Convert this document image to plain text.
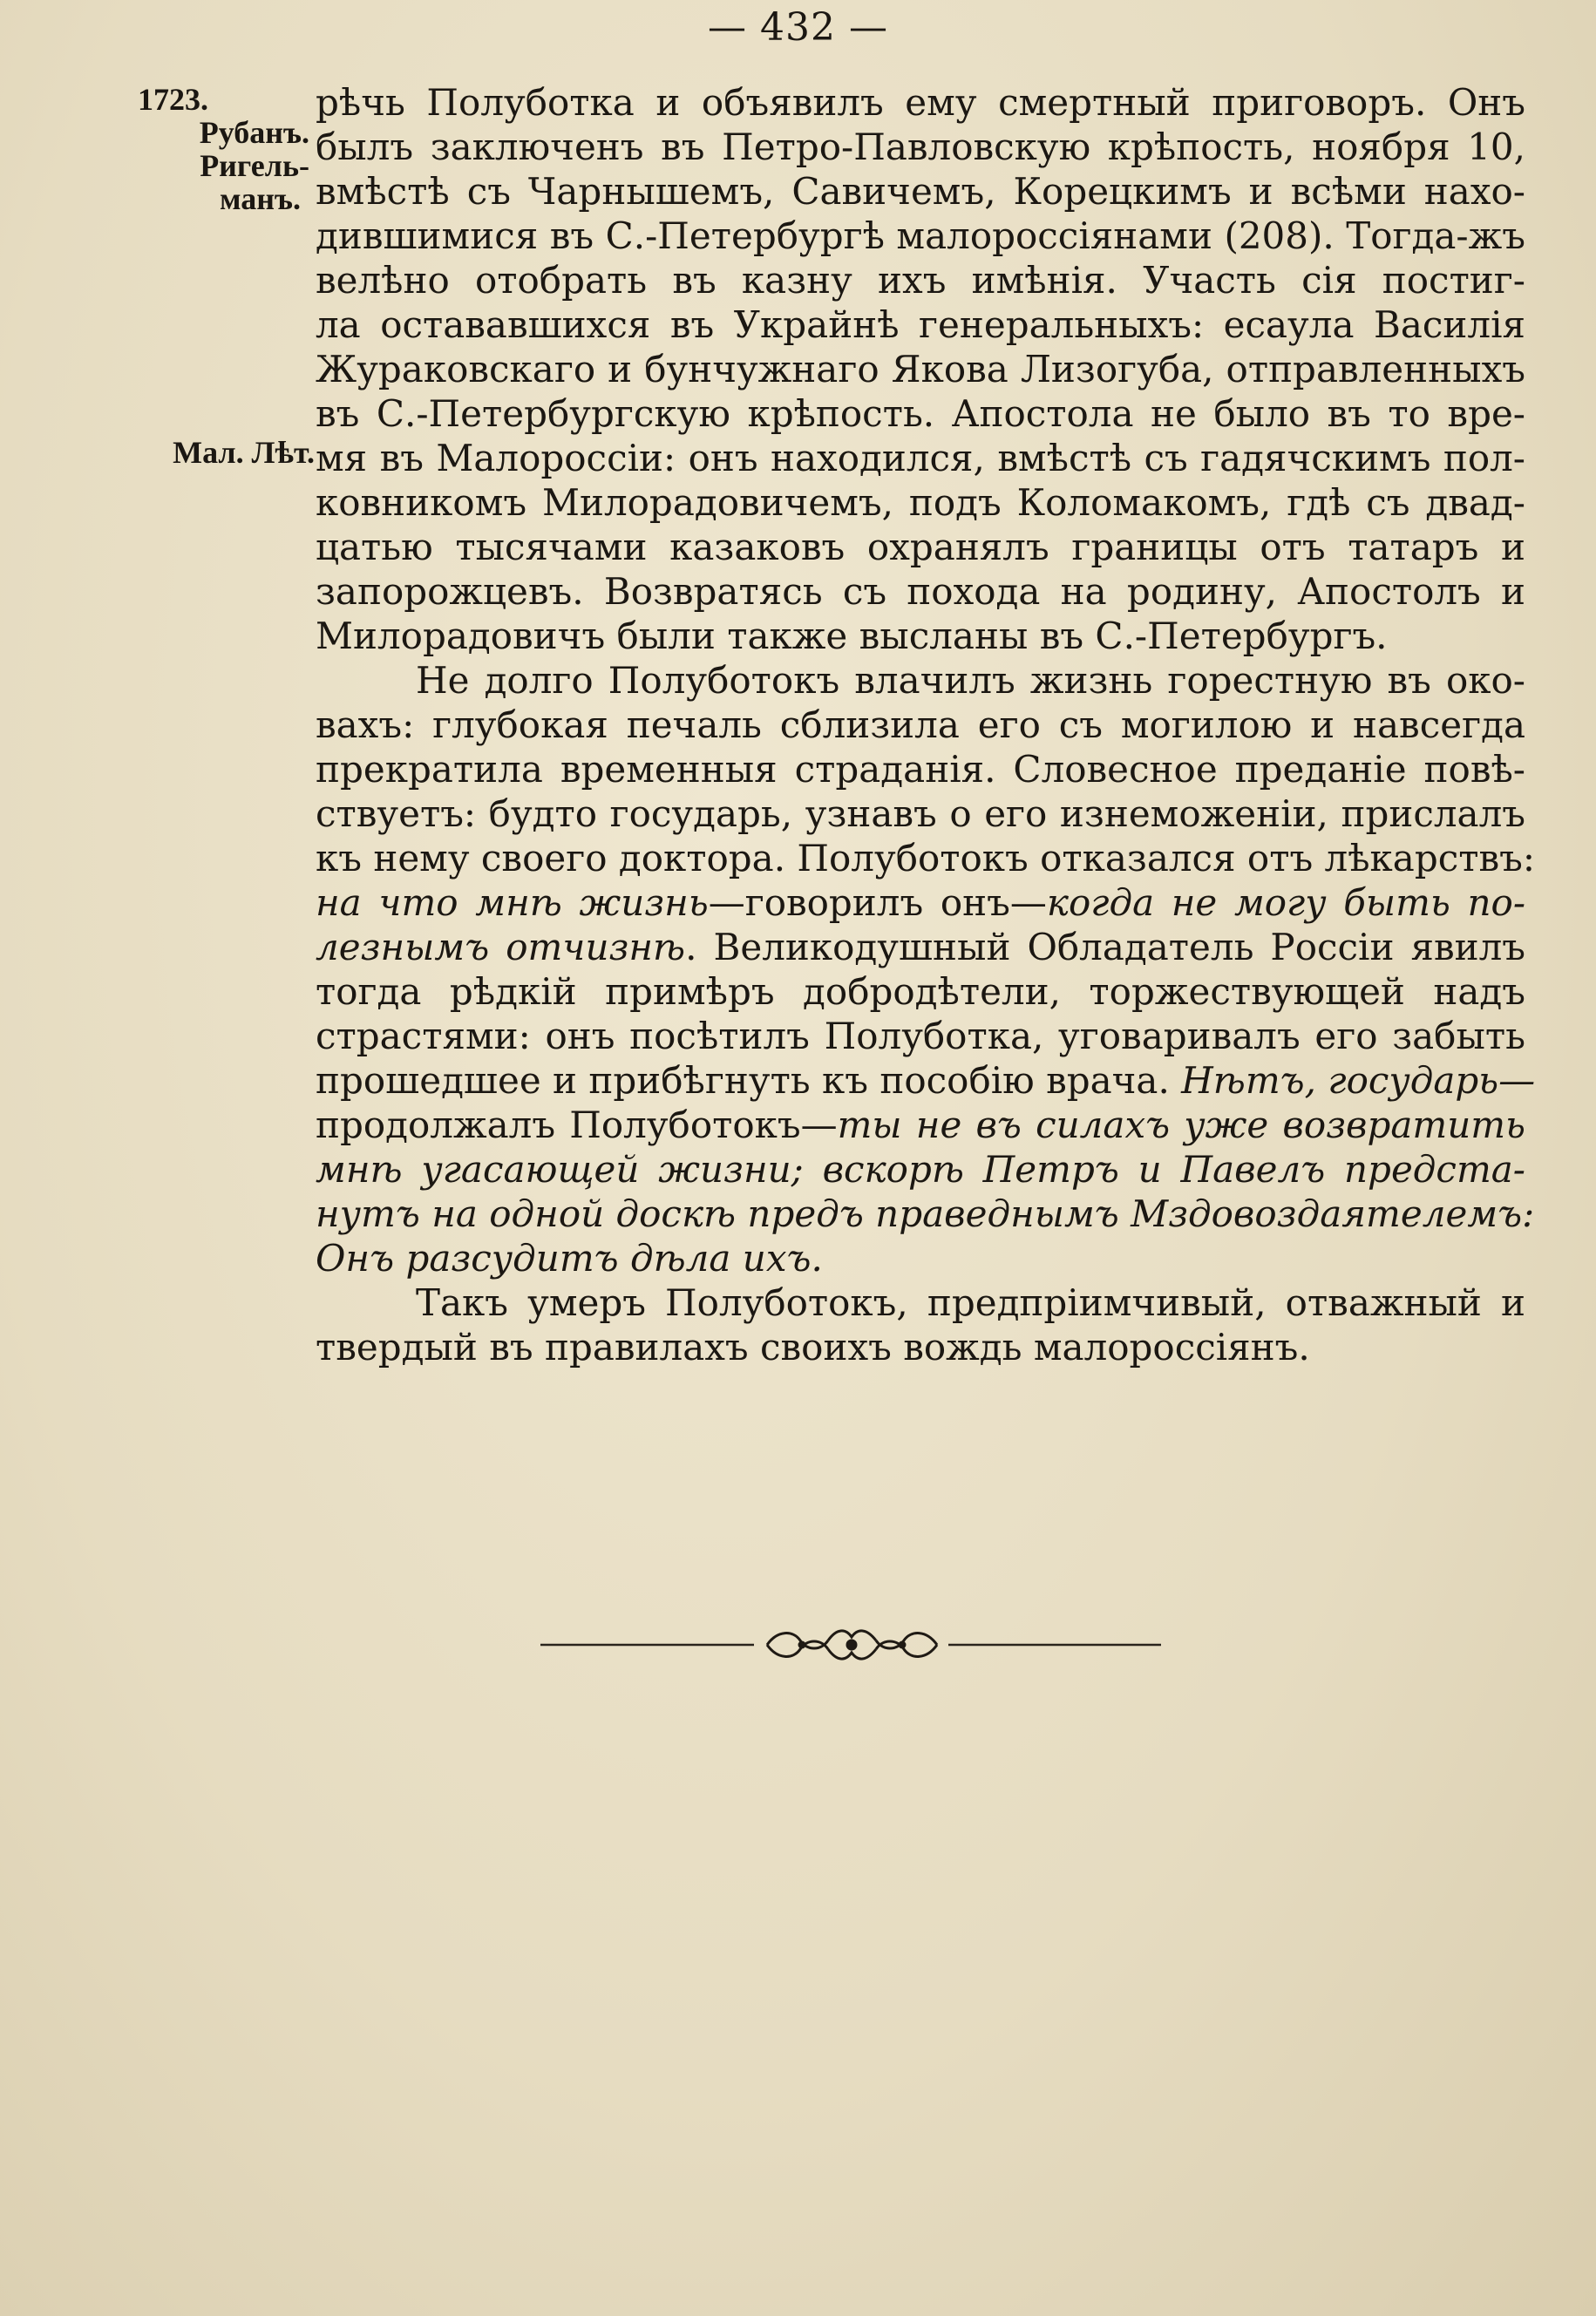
— 432 —
1723.
Рубанъ.
Ригель-
манъ.
Мал. Лѣт.

рѣчь Полуботка и объявилъ ему смертный приговоръ. Онъ
былъ заключенъ въ Петро-Павловскую крѣпость, ноября 10,
вмѣстѣ съ Чарнышемъ, Савичемъ, Корецкимъ и всѣми нахо-
дившимися въ С.-Петербургѣ малороссіянами (208). Тогда-жъ
велѣно отобрать въ казну ихъ имѣнія. Участь сія постиг-
ла остававшихся въ Украйнѣ генеральныхъ: есаула Василія
Жураковскаго и бунчужнаго Якова Лизогуба, отправленныхъ
въ С.-Петербургскую крѣпость. Апостола не было въ то вре-
мя въ Малороссіи: онъ находился, вмѣстѣ съ гадячскимъ пол-
ковникомъ Милорадовичемъ, подъ Коломакомъ, гдѣ съ двад-
цатью тысячами казаковъ охранялъ границы отъ татаръ и
запорожцевъ. Возвратясь съ похода на родину, Апостолъ и
Милорадовичъ были также высланы въ С.-Петербургъ.

Не долго Полуботокъ влачилъ жизнь горестную въ око-
вахъ: глубокая печаль сблизила его съ могилою и навсегда
прекратила временныя страданія. Словесное преданіе повѣ-
ствуетъ: будто государь, узнавъ о его изнеможеніи, прислалъ
къ нему своего доктора. Полуботокъ отказался отъ лѣкарствъ:
на что мнѣ жизнь—говорилъ онъ—когда не могу быть по-
лезнымъ отчизнѣ. Великодушный Обладатель Россіи явилъ
тогда рѣдкій примѣръ добродѣтели, торжествующей надъ
страстями: онъ посѣтилъ Полуботка, уговаривалъ его забыть
прошедшее и прибѣгнуть къ пособію врача. Нѣтъ, государь—
продолжалъ Полуботокъ—ты не въ силахъ уже возвратить
мнѣ угасающей жизни; вскорѣ Петръ и Павелъ предста-
нутъ на одной доскѣ предъ праведнымъ Мздовоздаятелемъ:
Онъ разсудитъ дѣла ихъ.

Такъ умеръ Полуботокъ, предпріимчивый, отважный и
твердый въ правилахъ своихъ вождь малороссіянъ.
